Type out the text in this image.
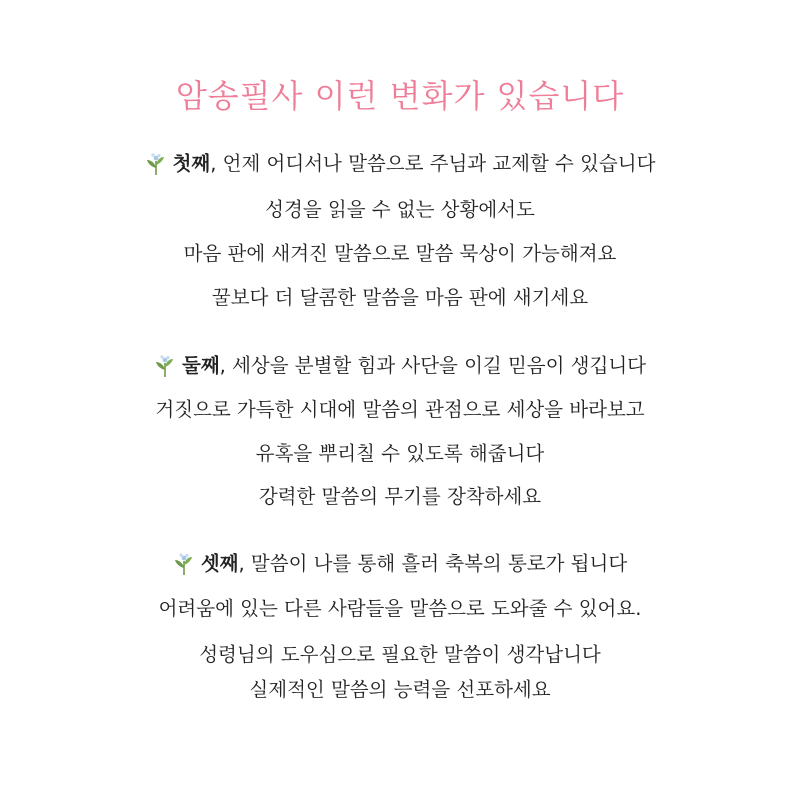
암송필사 이런 변화가 있습니다
첫째 , 언제 어디서나 말씀으로 주님과 교제할 수 있습니다
성경을 읽을 수 없는 상황에서도
마음 판에 새겨진 말씀으로 말씀 묵상이 가능해져요
꿀보다 더 달콤한 말씀을 마음 판에 새기세요
둘째 , 세상을 분별할 힘과 사단을 이길 믿음이 생깁니다
거짓으로 가득한 시대에 말씀의 관점으로 세상을 바라보고
유혹을 뿌리칠 수 있도록 해줍니다
강력한 말씀의 무기를 장착하세요
셋째 , 말씀이 나를 통해 흘러 축복의 통로가 됩니다
어려움에 있는 다른 사람들을 말씀으로 도와줄 수 있어요.
성령님의 도우심으로 필요한 말씀이 생각납니다
실제적인 말씀의 능력을 선포하세요
